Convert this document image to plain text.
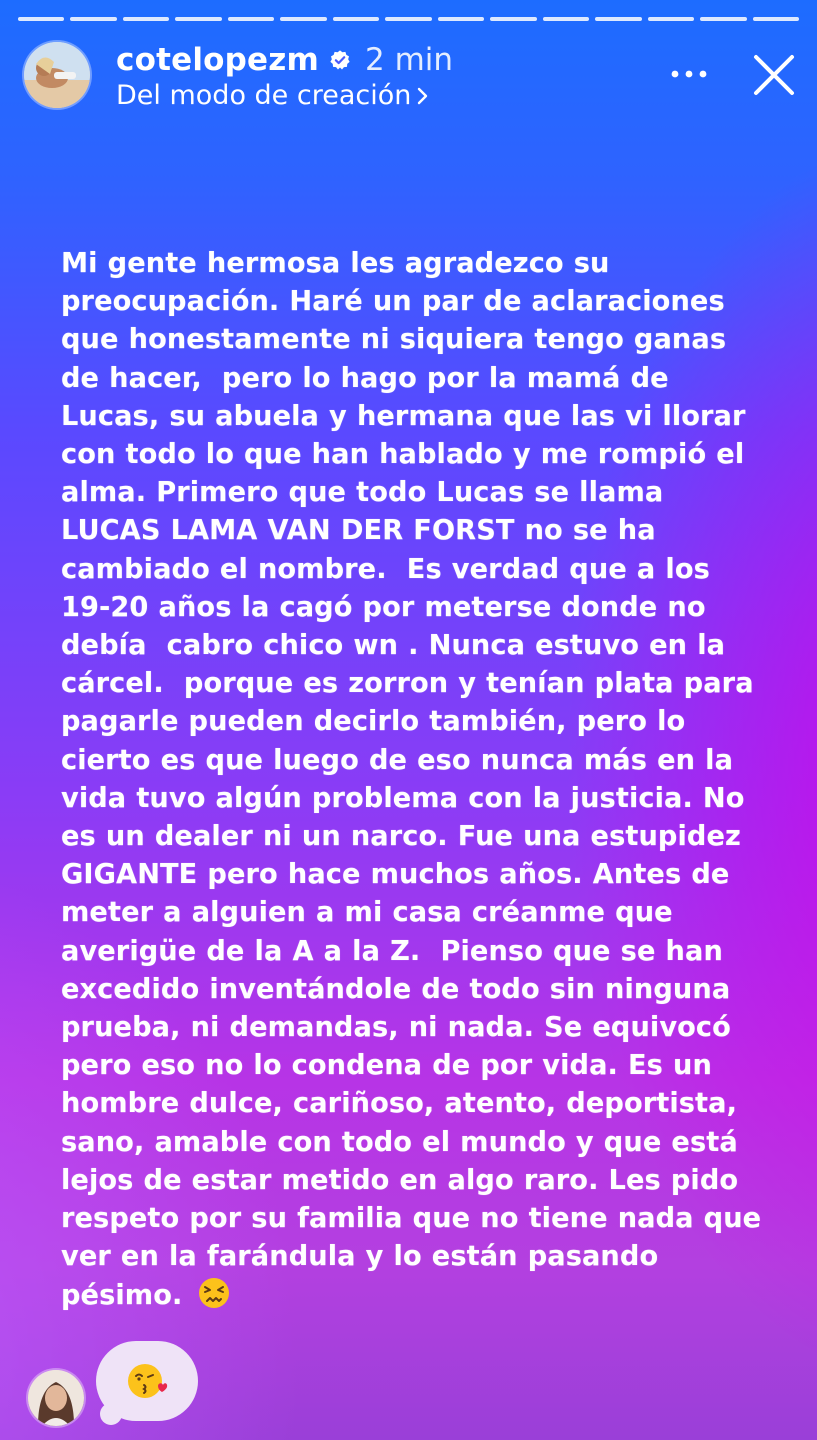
cotelopezm 2 min
Del modo de creación
Mi gente hermosa les agradezco su
preocupación. Haré un par de aclaraciones
que honestamente ni siquiera tengo ganas
de hacer,  pero lo hago por la mamá de
Lucas, su abuela y hermana que las vi llorar
con todo lo que han hablado y me rompió el
alma. Primero que todo Lucas se llama
LUCAS LAMA VAN DER FORST no se ha
cambiado el nombre.  Es verdad que a los
19-20 años la cagó por meterse donde no
debía  cabro chico wn . Nunca estuvo en la
cárcel.  porque es zorron y tenían plata para
pagarle pueden decirlo también, pero lo
cierto es que luego de eso nunca más en la
vida tuvo algún problema con la justicia. No
es un dealer ni un narco. Fue una estupidez
GIGANTE pero hace muchos años. Antes de
meter a alguien a mi casa créanme que
averigüe de la A a la Z.  Pienso que se han
excedido inventándole de todo sin ninguna
prueba, ni demandas, ni nada. Se equivocó
pero eso no lo condena de por vida. Es un
hombre dulce, cariñoso, atento, deportista,
sano, amable con todo el mundo y que está
lejos de estar metido en algo raro. Les pido
respeto por su familia que no tiene nada que
ver en la farándula y lo están pasando
pésimo.
